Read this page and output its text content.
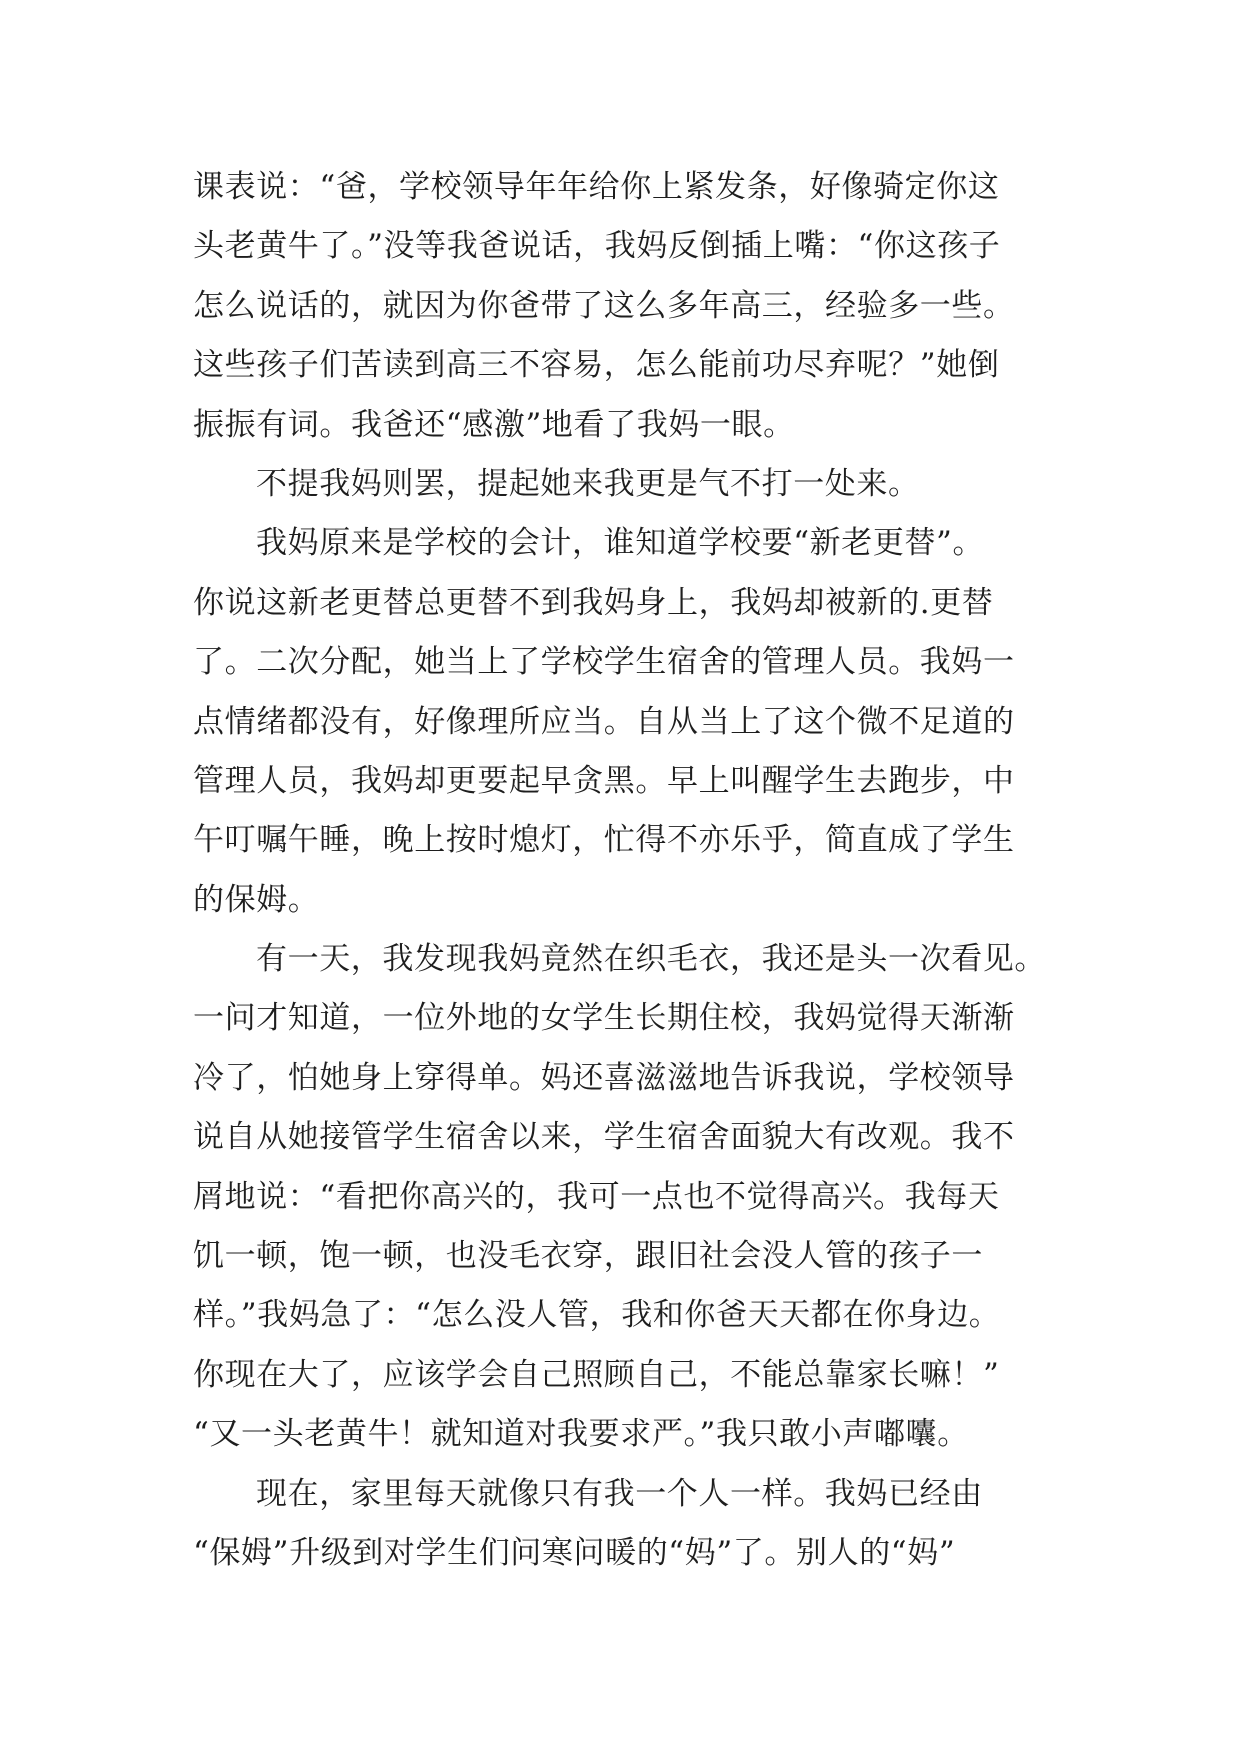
课表说：“爸，学校领导年年给你上紧发条，好像骑定你这
头老黄牛了。”没等我爸说话，我妈反倒插上嘴：“你这孩子
怎么说话的，就因为你爸带了这么多年高三，经验多一些。
这些孩子们苦读到高三不容易，怎么能前功尽弃呢？”她倒
振振有词。我爸还“感激”地看了我妈一眼。
不提我妈则罢，提起她来我更是气不打一处来。
我妈原来是学校的会计，谁知道学校要“新老更替”。
你说这新老更替总更替不到我妈身上，我妈却被新的.更替
了。二次分配，她当上了学校学生宿舍的管理人员。我妈一
点情绪都没有，好像理所应当。自从当上了这个微不足道的
管理人员，我妈却更要起早贪黑。早上叫醒学生去跑步，中
午叮嘱午睡，晚上按时熄灯，忙得不亦乐乎，简直成了学生
的保姆。
有一天，我发现我妈竟然在织毛衣，我还是头一次看见。
一问才知道，一位外地的女学生长期住校，我妈觉得天渐渐
冷了，怕她身上穿得单。妈还喜滋滋地告诉我说，学校领导
说自从她接管学生宿舍以来，学生宿舍面貌大有改观。我不
屑地说：“看把你高兴的，我可一点也不觉得高兴。我每天
饥一顿，饱一顿，也没毛衣穿，跟旧社会没人管的孩子一
样。”我妈急了：“怎么没人管，我和你爸天天都在你身边。
你现在大了，应该学会自己照顾自己，不能总靠家长嘛！”
“又一头老黄牛！就知道对我要求严。”我只敢小声嘟囔。
现在，家里每天就像只有我一个人一样。我妈已经由
“保姆”升级到对学生们问寒问暖的“妈”了。别人的“妈”
